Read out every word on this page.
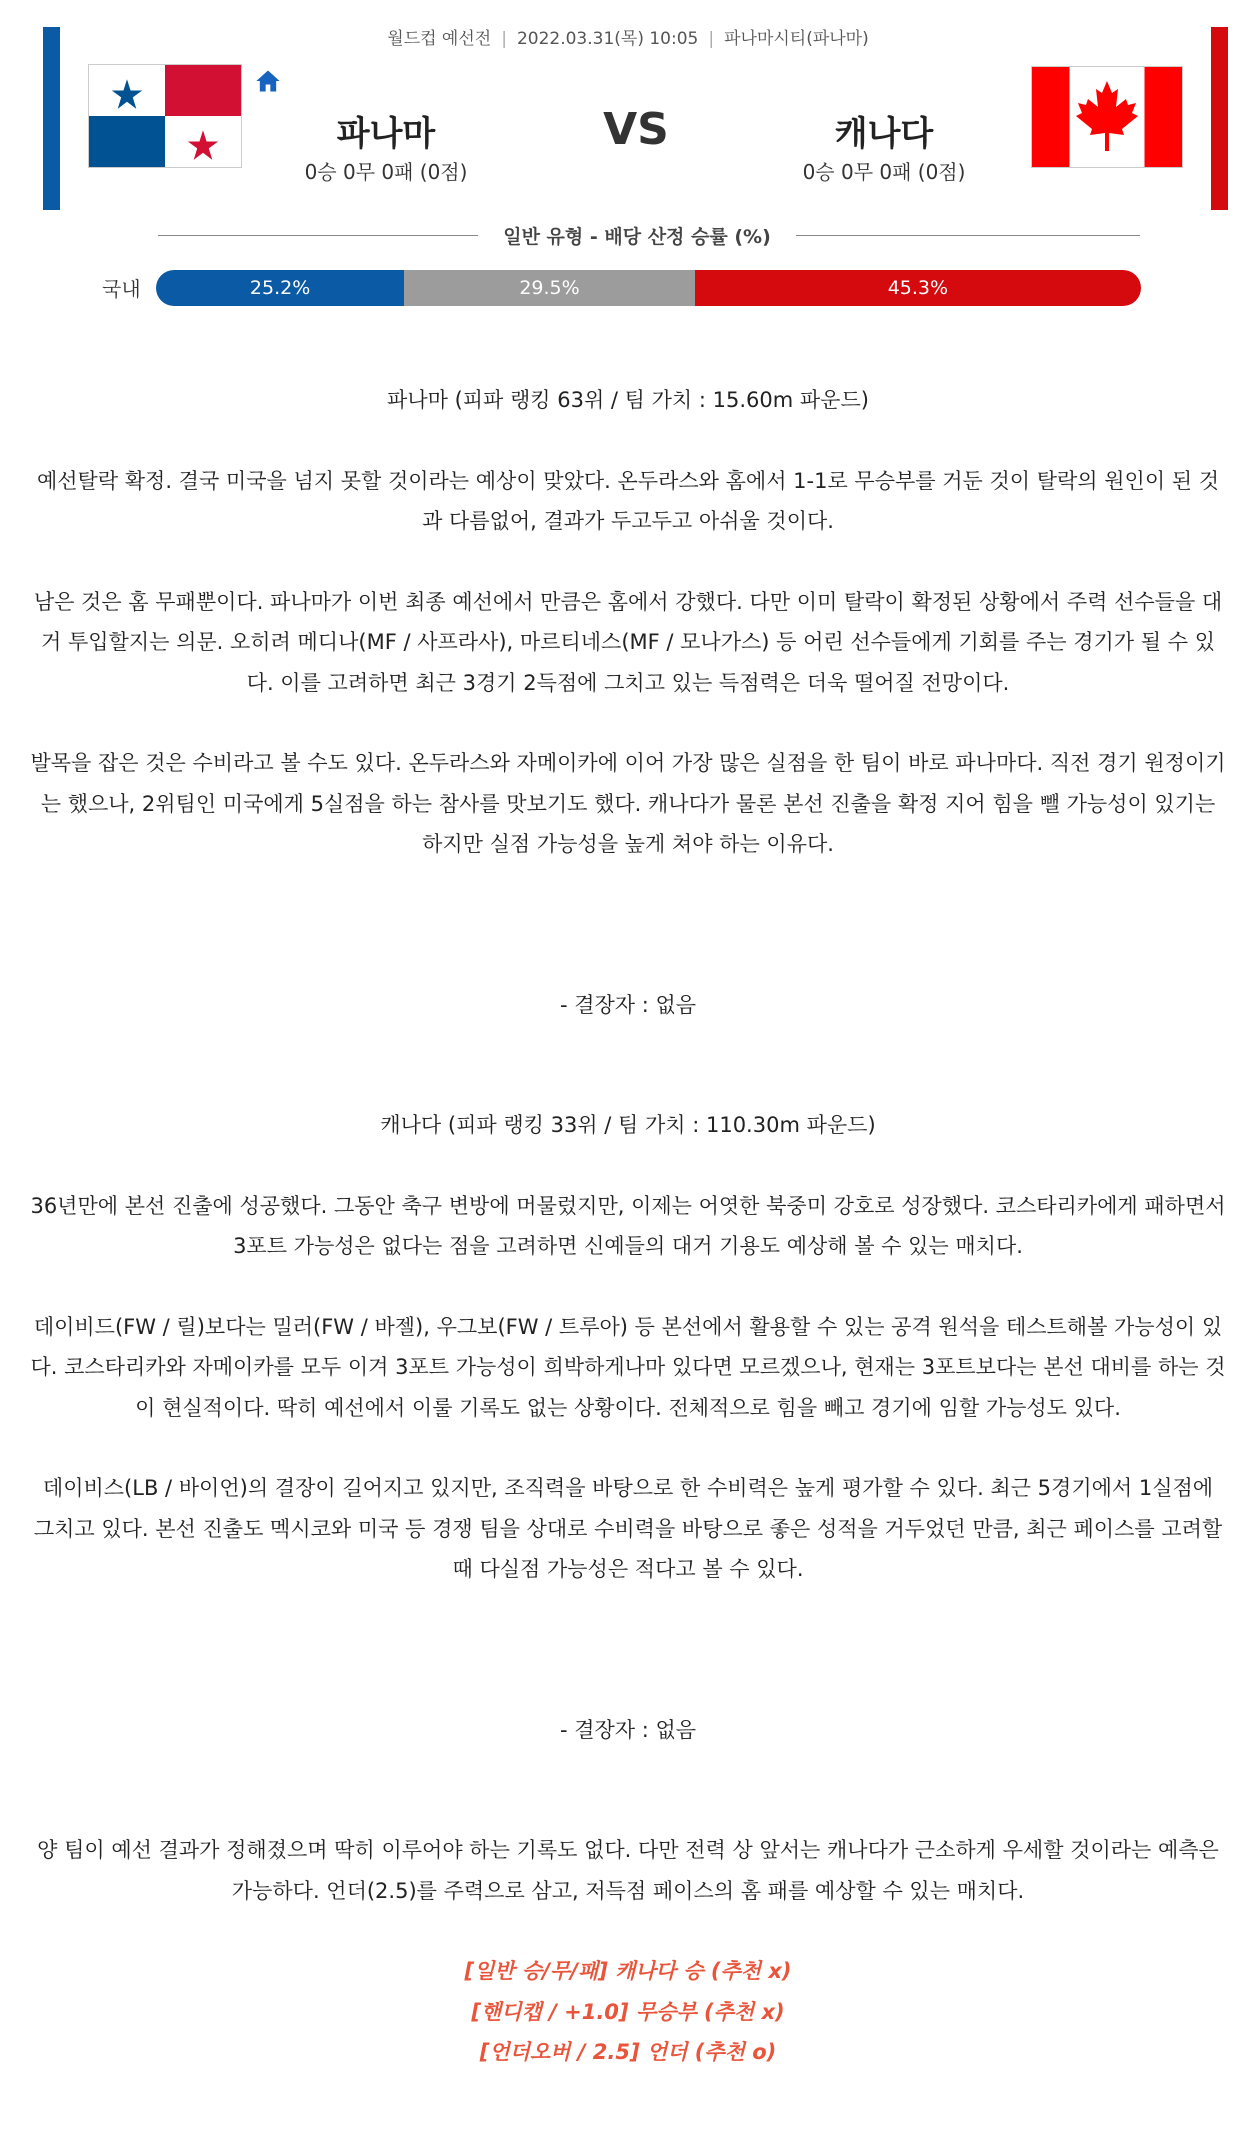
월드컵 예선전 | 2022.03.31(목) 10:05 | 파나마시티(파나마)
파나마
0승 0무 0패 (0점)
VS	캐나다
0승 0무 0패 (0점)
일반 유형 - 배당 산정 승률 (%)
국내	25.2%	29.5%	45.3%

파나마 (피파 랭킹 63위 / 팀 가치 : 15.60m 파운드)

예선탈락 확정. 결국 미국을 넘지 못할 것이라는 예상이 맞았다. 온두라스와 홈에서 1-1로 무승부를 거둔 것이 탈락의 원인이 된 것과 다름없어, 결과가 두고두고 아쉬울 것이다.

남은 것은 홈 무패뿐이다. 파나마가 이번 최종 예선에서 만큼은 홈에서 강했다. 다만 이미 탈락이 확정된 상황에서 주력 선수들을 대거 투입할지는 의문. 오히려 메디나(MF / 사프라사), 마르티네스(MF / 모나가스) 등 어린 선수들에게 기회를 주는 경기가 될 수 있다. 이를 고려하면 최근 3경기 2득점에 그치고 있는 득점력은 더욱 떨어질 전망이다.

발목을 잡은 것은 수비라고 볼 수도 있다. 온두라스와 자메이카에 이어 가장 많은 실점을 한 팀이 바로 파나마다. 직전 경기 원정이기는 했으나, 2위팀인 미국에게 5실점을 하는 참사를 맛보기도 했다. 캐나다가 물론 본선 진출을 확정 지어 힘을 뺄 가능성이 있기는 하지만 실점 가능성을 높게 쳐야 하는 이유다.

- 결장자 : 없음

캐나다 (피파 랭킹 33위 / 팀 가치 : 110.30m 파운드)

36년만에 본선 진출에 성공했다. 그동안 축구 변방에 머물렀지만, 이제는 어엿한 북중미 강호로 성장했다. 코스타리카에게 패하면서 3포트 가능성은 없다는 점을 고려하면 신예들의 대거 기용도 예상해 볼 수 있는 매치다.

데이비드(FW / 릴)보다는 밀러(FW / 바젤), 우그보(FW / 트루아) 등 본선에서 활용할 수 있는 공격 원석을 테스트해볼 가능성이 있다. 코스타리카와 자메이카를 모두 이겨 3포트 가능성이 희박하게나마 있다면 모르겠으나, 현재는 3포트보다는 본선 대비를 하는 것이 현실적이다. 딱히 예선에서 이룰 기록도 없는 상황이다. 전체적으로 힘을 빼고 경기에 임할 가능성도 있다.

데이비스(LB / 바이언)의 결장이 길어지고 있지만, 조직력을 바탕으로 한 수비력은 높게 평가할 수 있다. 최근 5경기에서 1실점에 그치고 있다. 본선 진출도 멕시코와 미국 등 경쟁 팀을 상대로 수비력을 바탕으로 좋은 성적을 거두었던 만큼, 최근 페이스를 고려할 때 다실점 가능성은 적다고 볼 수 있다.

- 결장자 : 없음

양 팀이 예선 결과가 정해졌으며 딱히 이루어야 하는 기록도 없다. 다만 전력 상 앞서는 캐나다가 근소하게 우세할 것이라는 예측은 가능하다. 언더(2.5)를 주력으로 삼고, 저득점 페이스의 홈 패를 예상할 수 있는 매치다.

[일반 승/무/패] 캐나다 승 (추천 x)

[핸디캡 / +1.0] 무승부 (추천 x)

[언더오버 / 2.5] 언더 (추천 o)
